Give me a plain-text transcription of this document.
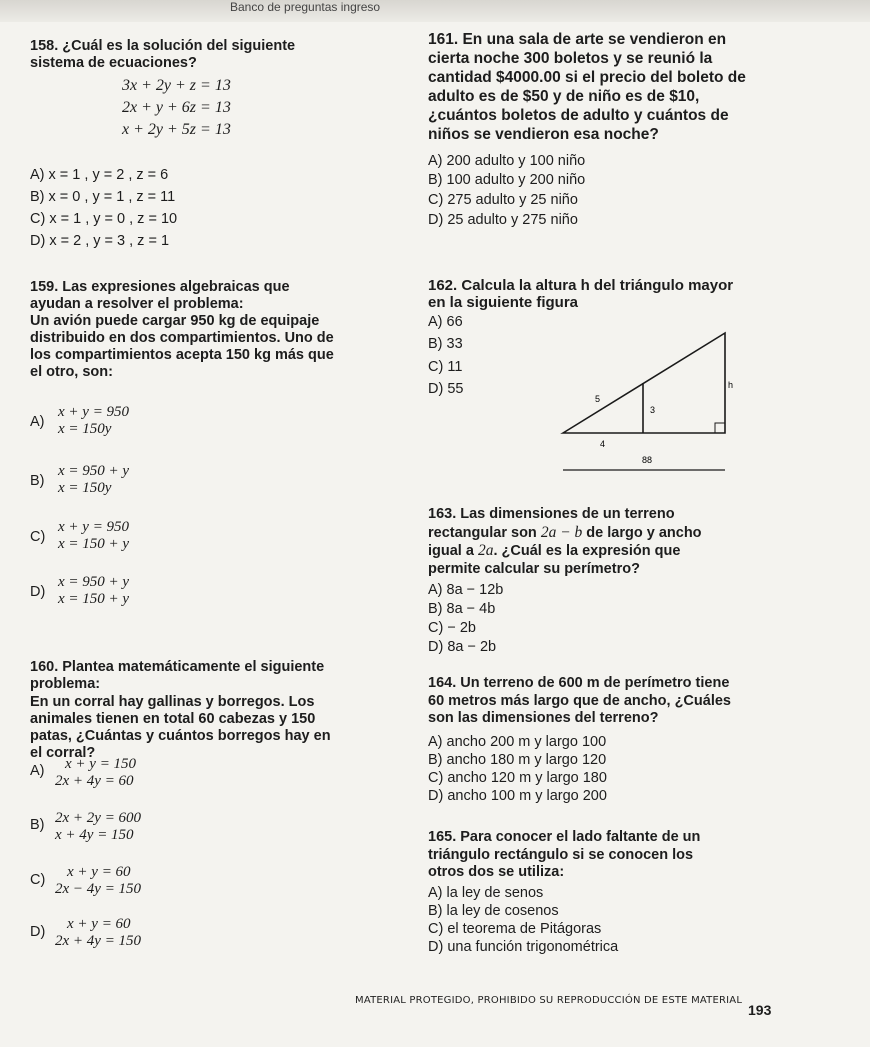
Banco de preguntas ingreso
158. ¿Cuál es la solución del siguiente
sistema de ecuaciones?
3x + 2y + z = 13
2x + y + 6z = 13
x + 2y + 5z = 13
A) x = 1 , y = 2 , z = 6
B) x = 0 , y = 1 , z = 11
C) x = 1 , y = 0 , z = 10
D) x = 2 , y = 3 , z = 1
159. Las expresiones algebraicas que
ayudan a resolver el problema:
Un avión puede cargar 950 kg de equipaje
distribuido en dos compartimientos. Uno de
los compartimientos acepta 150 kg más que
el otro, son:
A)
x + y = 950
x = 150y
B)
x = 950 + y
x = 150y
C)
x + y = 950
x = 150 + y
D)
x = 950 + y
x = 150 + y
160. Plantea matemáticamente el siguiente
problema:
En un corral hay gallinas y borregos. Los
animales tienen en total 60 cabezas y 150
patas, ¿Cuántas y cuántos borregos hay en
el corral?
A)	x + y = 150
2x + 4y = 60
B) 2x + 2y = 600
x + 4y = 150
C)	x + y = 60
2x − 4y = 150
D)	x + y = 60
2x + 4y = 150
161. En una sala de arte se vendieron en
cierta noche 300 boletos y se reunió la
cantidad $4000.00 si el precio del boleto de
adulto es de $50 y de niño es de $10,
¿cuántos boletos de adulto y cuántos de
niños se vendieron esa noche?
A) 200 adulto y 100 niño
B) 100 adulto y 200 niño
C) 275 adulto y 25 niño
D) 25 adulto y 275 niño
162. Calcula la altura h del triángulo mayor
en la siguiente figura
A) 66
B) 33
C) 11
D) 55
5
3
4
88
h
163. Las dimensiones de un terreno
rectangular son 2a − b de largo y ancho
igual a 2a. ¿Cuál es la expresión que
permite calcular su perímetro?
A) 8a − 12b
B) 8a − 4b
C) − 2b
D) 8a − 2b
164. Un terreno de 600 m de perímetro tiene
60 metros más largo que de ancho, ¿Cuáles
son las dimensiones del terreno?
A) ancho 200 m y largo 100
B) ancho 180 m y largo 120
C) ancho 120 m y largo 180
D) ancho 100 m y largo 200
165. Para conocer el lado faltante de un
triángulo rectángulo si se conocen los
otros dos se utiliza:
A) la ley de senos
B) la ley de cosenos
C) el teorema de Pitágoras
D) una función trigonométrica
MATERIAL PROTEGIDO, PROHIBIDO SU REPRODUCCIÓN DE ESTE MATERIAL
193
